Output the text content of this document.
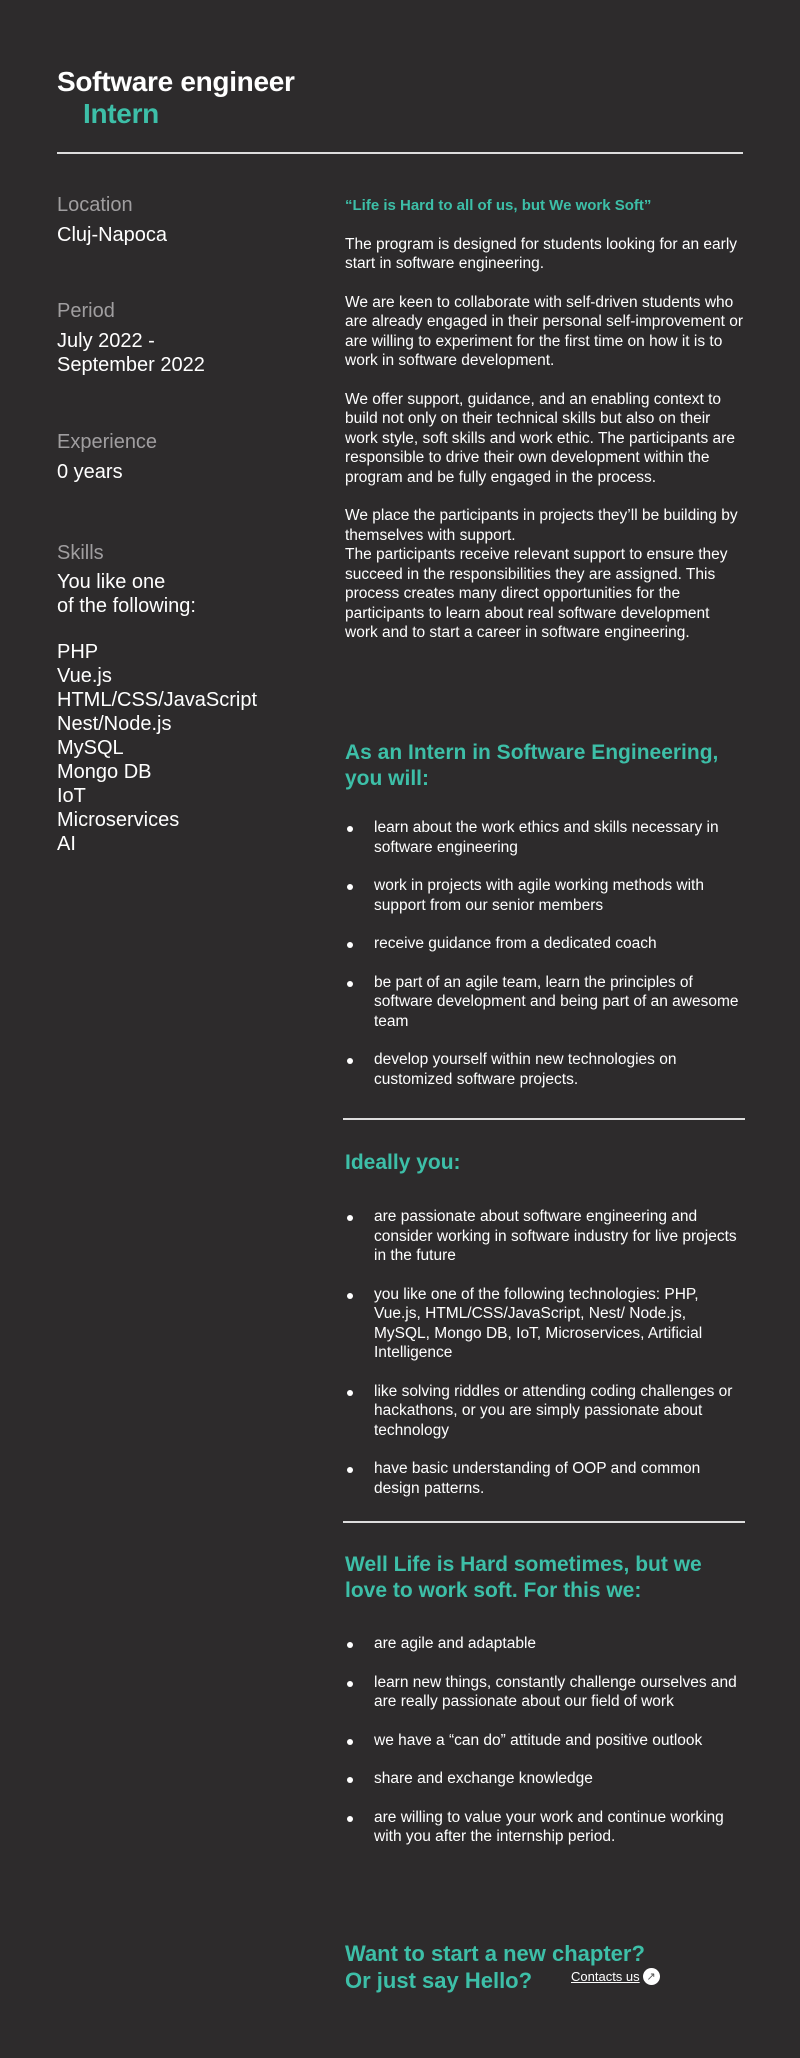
Software engineer
Intern
Location
Cluj-Napoca
Period
July 2022 -
September 2022
Experience
0 years
Skills
You like one
of the following:
PHP
Vue.js
HTML/CSS/JavaScript
Nest/Node.js
MySQL
Mongo DB
IoT
Microservices
AI

“Life is Hard to all of us, but We work Soft”

The program is designed for students looking for an early start in software engineering.

We are keen to collaborate with self-driven students who are already engaged in their personal self-improvement or are willing to experiment for the first time on how it is to work in software development.

We offer support, guidance, and an enabling context to build not only on their technical skills but also on their work style, soft skills and work ethic. The participants are responsible to drive their own development within the program and be fully engaged in the process.

We place the participants in projects they’ll be building by themselves with support.

The participants receive relevant support to ensure they succeed in the responsibilities they are assigned. This process creates many direct opportunities for the participants to learn about real software development work and to start a career in software engineering.

As an Intern in Software Engineering, you will:
learn about the work ethics and skills necessary in software engineering
work in projects with agile working methods with support from our senior members
receive guidance from a dedicated coach
be part of an agile team, learn the principles of software development and being part of an awesome team
develop yourself within new technologies on customized software projects.
Ideally you:
are passionate about software engineering and consider working in software industry for live projects in the future
you like one of the following technologies: PHP, Vue.js, HTML/CSS/JavaScript, Nest/ Node.js, MySQL, Mongo DB, IoT, Microservices, Artificial Intelligence
like solving riddles or attending coding challenges or hackathons, or you are simply passionate about technology
have basic understanding of OOP and common design patterns.
Well Life is Hard sometimes, but we love to work soft. For this we:
are agile and adaptable
learn new things, constantly challenge ourselves and are really passionate about our field of work
we have a “can do” attitude and positive outlook
share and exchange knowledge
are willing to value your work and continue working with you after the internship period.
Want to start a new chapter?
Or just say Hello?	Contacts us ↗
